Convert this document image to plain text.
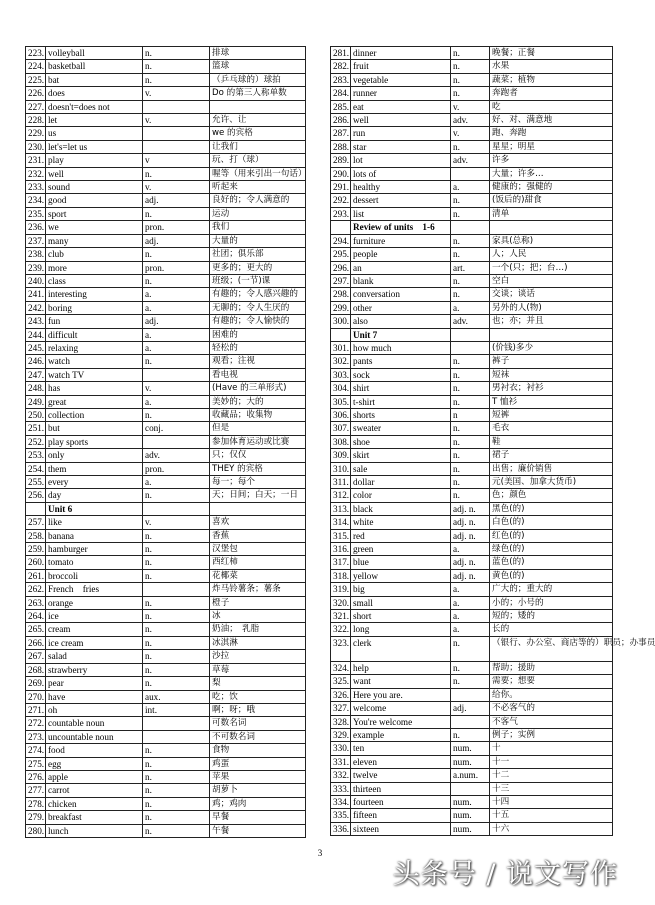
223.	volleyball	n.	排球
224.	basketball	n.	篮球
225.	bat	n.	（乒乓球的）球拍
226.	does	v.	Do 的第三人称单数
227.	doesn't=does not		
228.	let	v.	允许、让
229.	us		we 的宾格
230.	let's=let us		让我们
231.	play	v	玩、打（球）
232.	well	n.	喔等（用来引出一句话）
233.	sound	v.	听起来
234.	good	adj.	良好的；令人满意的
235.	sport	n.	运动
236.	we	pron.	我们
237.	many	adj.	大量的
238.	club	n.	社团；俱乐部
239.	more	pron.	更多的；更大的
240.	class	n.	班级；(一节)课
241.	interesting	a.	有趣的；令人感兴趣的
242.	boring	a.	无聊的；令人生厌的
243.	fun	adj.	有趣的；令人愉快的
244.	difficult	a.	困难的
245.	relaxing	a.	轻松的
246.	watch	n.	观看；注视
247.	watch TV		看电视
248.	has	v.	(Have 的三单形式)
249.	great	a.	美妙的；大的
250.	collection	n.	收藏品；收集物
251.	but	conj.	但是
252.	play sports		参加体育运动或比赛
253.	only	adv.	只；仅仅
254.	them	pron.	THEY 的宾格
255.	every	a.	每一；每个
256.	day	n.	天；日间；白天；一日
	Unit 6		
257.	like	v.	喜欢
258.	banana	n.	香蕉
259.	hamburger	n.	汉堡包
260.	tomato	n.	西红柿
261.	broccoli	n.	花椰菜
262.	French　fries		炸马铃薯条；薯条
263.	orange	n.	橙子
264.	ice	n.	冰
265.	cream	n.	奶油；　乳脂
266.	ice cream	n.	冰淇淋
267.	salad	n.	沙拉
268.	strawberry	n.	草莓
269.	pear	n.	梨
270.	have	aux.	吃；饮
271.	oh	int.	啊；呀；哦
272.	countable noun		可数名词
273.	uncountable noun		不可数名词
274.	food	n.	食物
275.	egg	n.	鸡蛋
276.	apple	n.	苹果
277.	carrot	n.	胡萝卜
278.	chicken	n.	鸡；鸡肉
279.	breakfast	n.	早餐
280.	lunch	n.	午餐
281.	dinner	n.	晚餐；正餐
282.	fruit	n.	水果
283.	vegetable	n.	蔬菜；植物
284.	runner	n.	奔跑者
285.	eat	v.	吃
286.	well	adv.	好、对、满意地
287.	run	v.	跑、奔跑
288.	star	n.	星星；明星
289.	lot	adv.	许多
290.	lots of		大量；许多…
291.	healthy	a.	健康的；强健的
292.	dessert	n.	(饭后的)甜食
293.	list	n.	清单
	Review of units　1-6		
294.	furniture	n.	家具(总称)
295.	people	n.	人；人民
296.	an	art.	一个(只；把；台…)
297.	blank	n.	空白
298.	conversation	n.	交谈；谈话
299.	other	a.	另外的人(物)
300.	also	adv.	也；亦；并且
	Unit 7		
301.	how much		(价钱)多少
302.	pants	n.	裤子
303.	sock	n.	短袜
304.	shirt	n.	男衬衣；衬衫
305.	t-shirt	n.	T 恤衫
306.	shorts	n	短裤
307.	sweater	n.	毛衣
308.	shoe	n.	鞋
309.	skirt	n.	裙子
310.	sale	n.	出售；廉价销售
311.	dollar	n.	元(美国、加拿大货币)
312.	color	n.	色；颜色
313.	black	adj. n.	黑色(的)
314.	white	adj. n.	白色(的)
315.	red	adj. n.	红色(的)
316.	green	a.	绿色(的)
317.	blue	adj. n.	蓝色(的)
318.	yellow	adj. n.	黄色(的)
319.	big	a.	广大的；重大的
320.	small	a.	小的；小号的
321.	short	a.	短的；矮的
322.	long	a.	长的
323.	clerk	n.	（银行、办公室、商店等的）职员；办事员
324.	help	n.	帮助；援助
325.	want	n.	需要；想要
326.	Here you are.		给你。
327.	welcome	adj.	不必客气的
328.	You're welcome		不客气
329.	example	n.	例子；实例
330.	ten	num.	十
331.	eleven	num.	十一
332.	twelve	a.num.	十二
333.	thirteen		十三
334.	fourteen	num.	十四
335.	fifteen	num.	十五
336.	sixteen	num.	十六
3
头条号 / 说文写作
